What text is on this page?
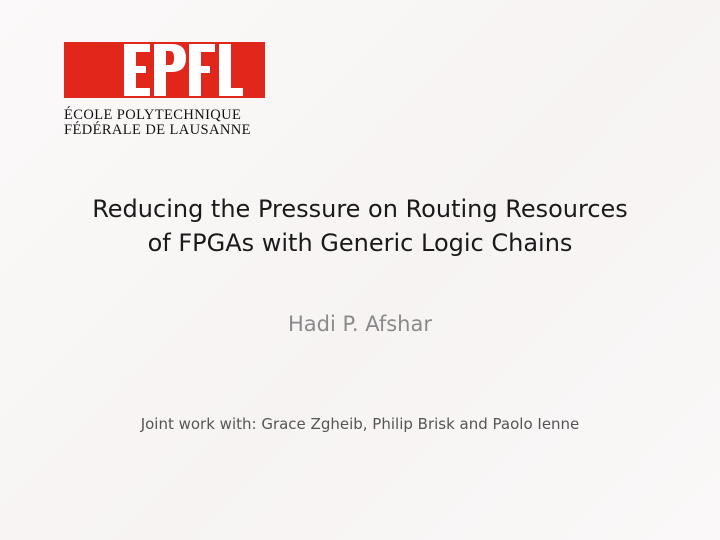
ÉCOLE POLYTECHNIQUE
FÉDÉRALE DE LAUSANNE
Reducing the Pressure on Routing Resources
of FPGAs with Generic Logic Chains
Hadi P. Afshar
Joint work with: Grace Zgheib, Philip Brisk and Paolo Ienne
